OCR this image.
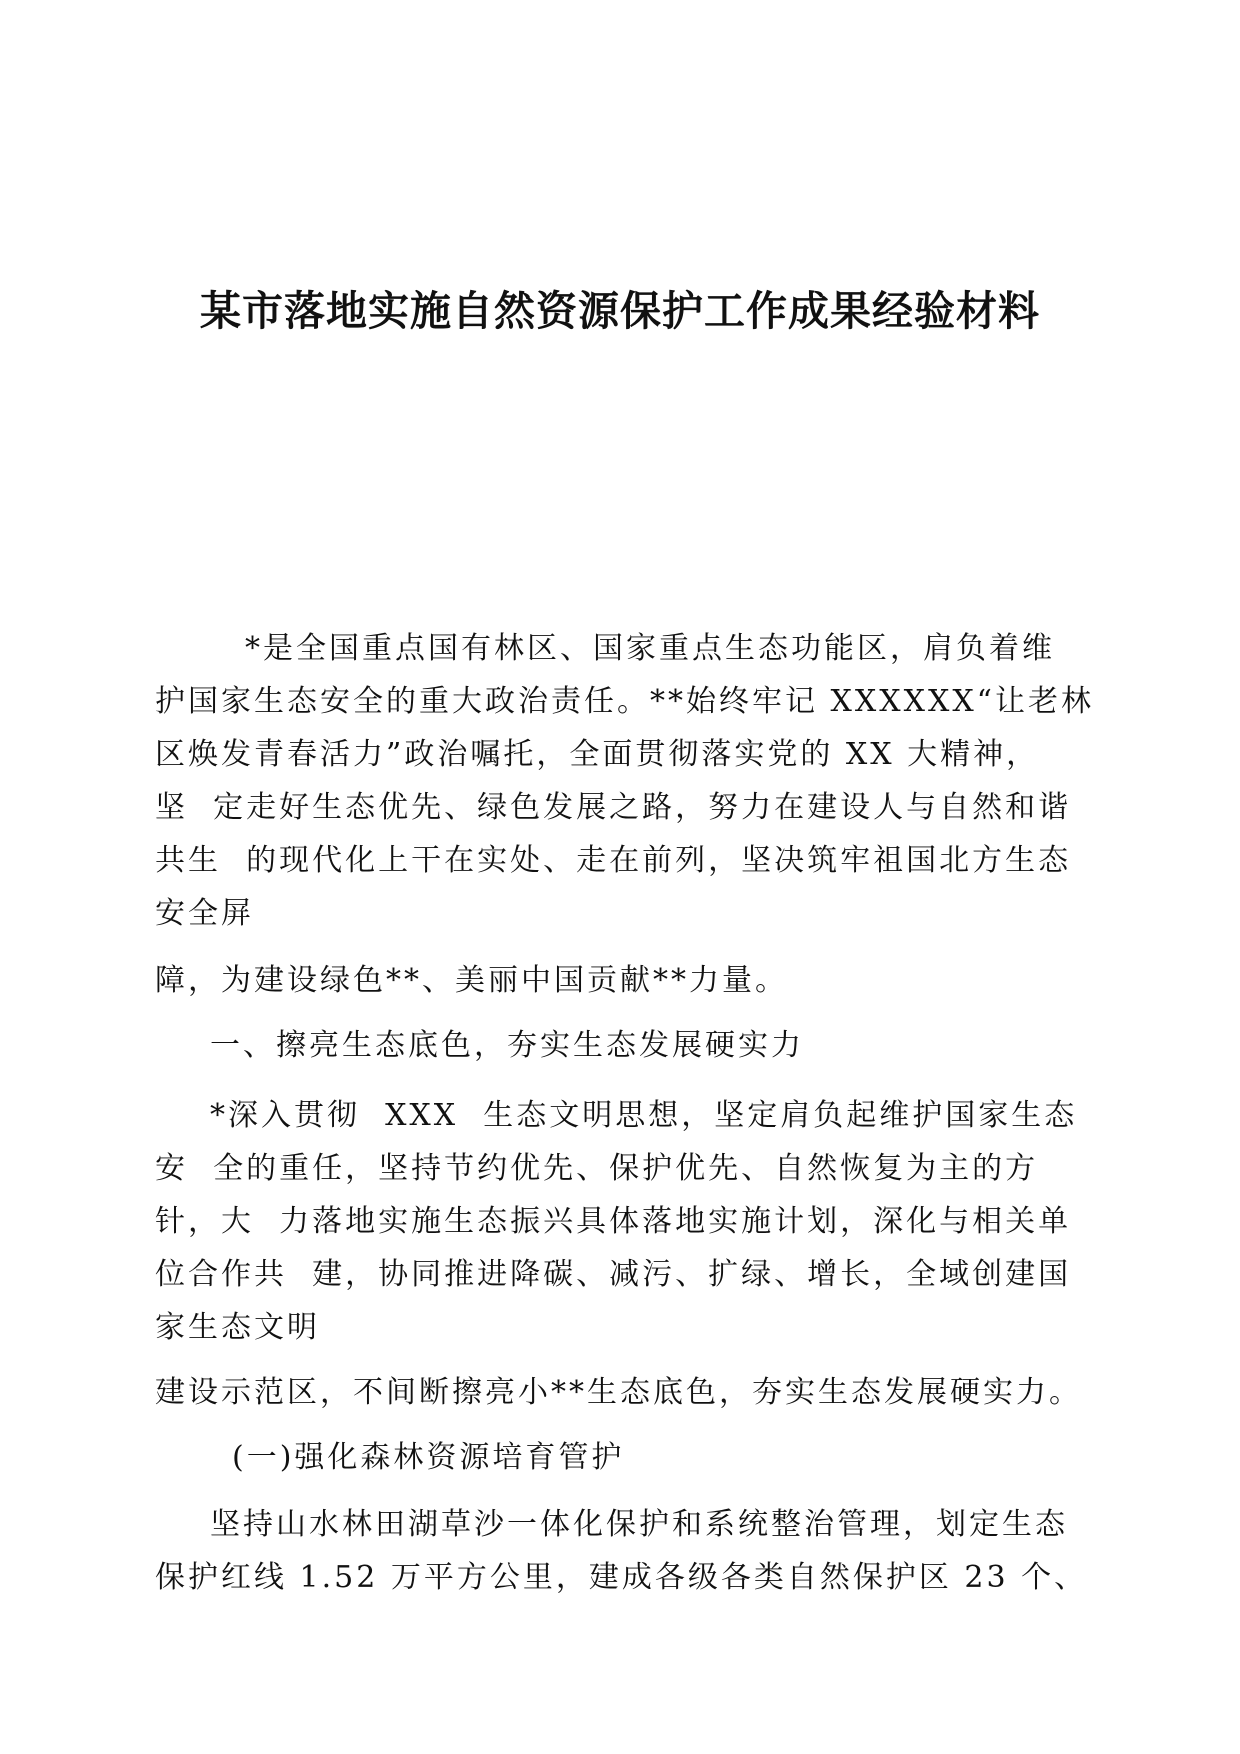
某市落地实施自然资源保护工作成果经验材料

*是全国重点国有林区、国家重点生态功能区，肩负着维

护国家生态安全的重大政治责任。**始终牢记 XXXXXX“让老林

区焕发青春活力”政治嘱托，全面贯彻落实党的 XX 大精神，

坚  定走好生态优先、绿色发展之路，努力在建设人与自然和谐

共生  的现代化上干在实处、走在前列，坚决筑牢祖国北方生态

安全屏

障，为建设绿色**、美丽中国贡献**力量。

一、擦亮生态底色，夯实生态发展硬实力

*深入贯彻  XXX  生态文明思想，坚定肩负起维护国家生态

安  全的重任，坚持节约优先、保护优先、自然恢复为主的方

针，大  力落地实施生态振兴具体落地实施计划，深化与相关单

位合作共  建，协同推进降碳、减污、扩绿、增长，全域创建国

家生态文明

建设示范区，不间断擦亮小**生态底色，夯实生态发展硬实力。

(一)强化森林资源培育管护

坚持山水林田湖草沙一体化保护和系统整治管理，划定生态

保护红线 1.52 万平方公里，建成各级各类自然保护区 23 个、
